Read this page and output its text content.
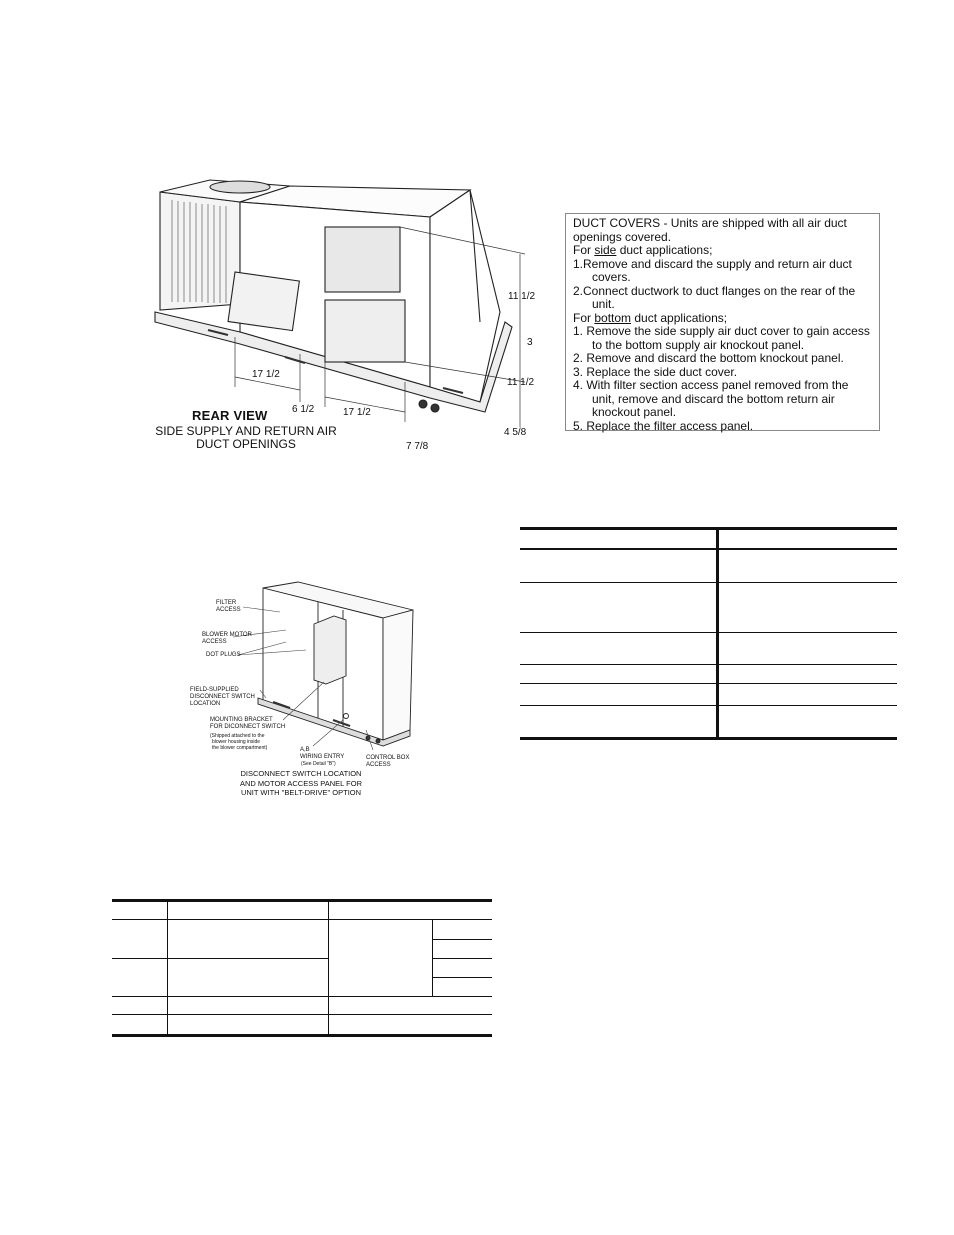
11 1/2
3
11 1/2
4 5/8
17 1/2
6 1/2	17 1/2
7 7/8
REAR VIEW
SIDE SUPPLY AND RETURN AIR
DUCT OPENINGS
DUCT COVERS - Units are shipped with all air duct
openings covered.
For side duct applications;
1.Remove and discard the supply and return air duct
covers.
2.Connect ductwork to duct flanges on the rear of the
unit.
For bottom duct applications;
1. Remove the side supply air duct cover to gain access
to the bottom supply air knockout panel.
2. Remove and discard the bottom knockout panel.
3. Replace the side duct cover.
4. With filter section access panel removed from the
unit, remove and discard the bottom return air
knockout panel.
5. Replace the filter access panel.
FILTER
ACCESS
BLOWER MOTOR
ACCESS
DOT PLUGS
FIELD-SUPPLIED
DISCONNECT SWITCH
LOCATION
MOUNTING BRACKET
FOR DICONNECT SWITCH
(Shipped attached to the
blower housing inside
the blower compartment)	A,B
WIRING ENTRY
(See Detail "B")
CONTROL BOX
ACCESS
DISCONNECT SWITCH LOCATION
AND MOTOR ACCESS PANEL FOR
UNIT WITH "BELT-DRIVE" OPTION
